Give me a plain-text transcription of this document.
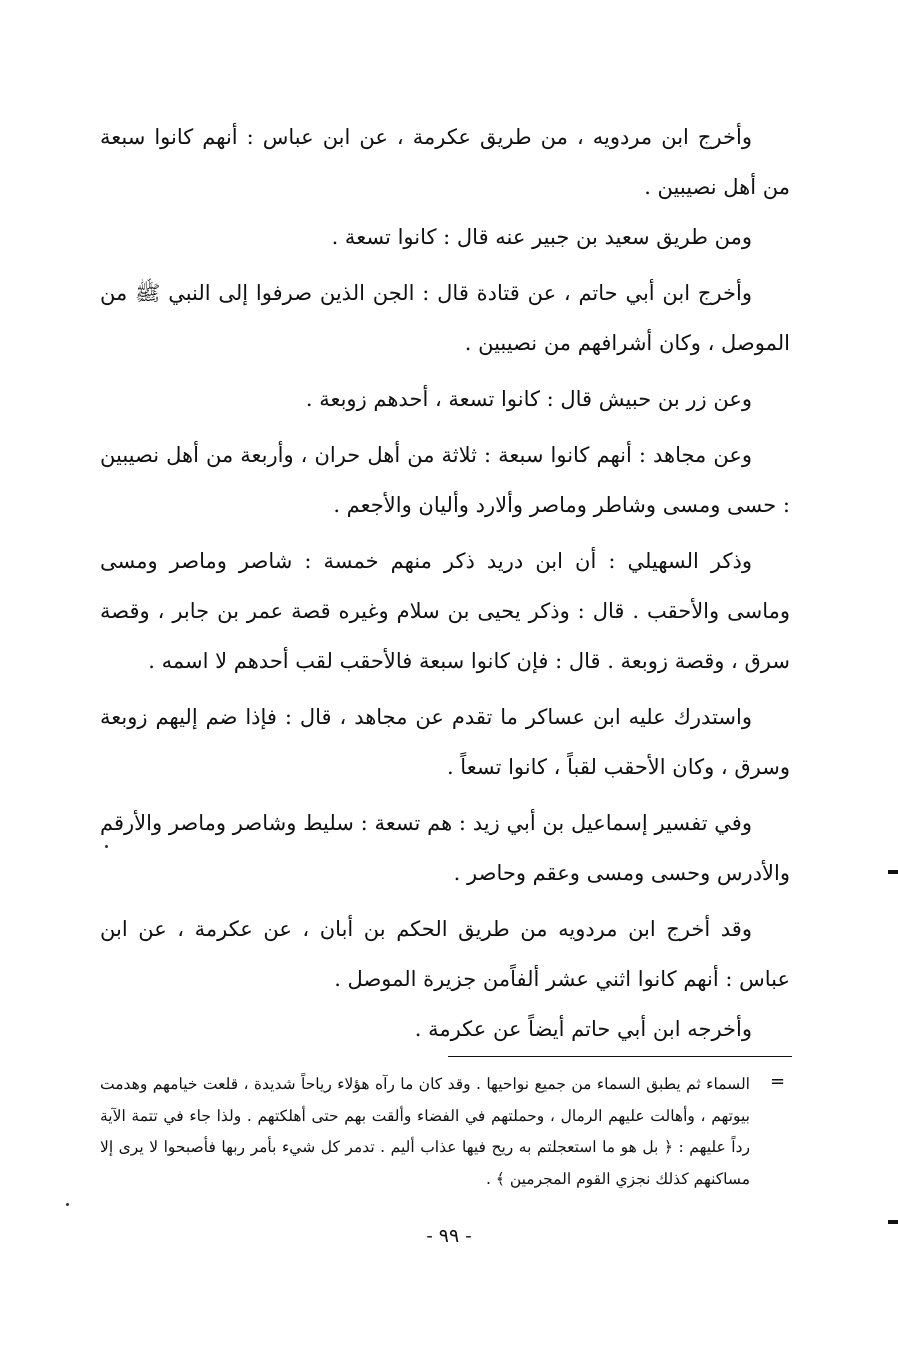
وأخرج ابن مردويه ، من طريق عكرمة ، عن ابن عباس : أنهم كانوا سبعة من أهل نصيبين .

ومن طريق سعيد بن جبير عنه قال : كانوا تسعة .

وأخرج ابن أبي حاتم ، عن قتادة قال : الجن الذين صرفوا إلى النبي ﷺ من الموصل ، وكان أشرافهم من نصيبين .

وعن زر بن حبيش قال : كانوا تسعة ، أحدهم زوبعة .

وعن مجاهد : أنهم كانوا سبعة : ثلاثة من أهل حران ، وأربعة من أهل نصيبين : حسى ومسى وشاطر وماصر وألارد وأليان والأجعم .

وذكر السهيلي : أن ابن دريد ذكر منهم خمسة : شاصر وماصر ومسى وماسى والأحقب . قال : وذكر يحيى بن سلام وغيره قصة عمر بن جابر ، وقصة سرق ، وقصة زوبعة . قال : فإن كانوا سبعة فالأحقب لقب أحدهم لا اسمه .

واستدرك عليه ابن عساكر ما تقدم عن مجاهد ، قال : فإذا ضم إليهم زوبعة وسرق ، وكان الأحقب لقباً ، كانوا تسعاً .

وفي تفسير إسماعيل بن أبي زيد : هم تسعة : سليط وشاصر وماصر والأرقم والأدرس وحسى ومسى وعقم وحاصر .

وقد أخرج ابن مردويه من طريق الحكم بن أبان ، عن عكرمة ، عن ابن عباس : أنهم كانوا اثني عشر ألفاًمن جزيرة الموصل .

وأخرجه ابن أبي حاتم أيضاً عن عكرمة .

=
السماء ثم يطبق السماء من جميع نواحيها . وقد كان ما رآه هؤلاء رياحاً شديدة ، قلعت خيامهم وهدمت بيوتهم ، وأهالت عليهم الرمال ، وحملتهم في الفضاء وألقت بهم حتى أهلكتهم . ولذا جاء في تتمة الآية رداً عليهم : ﴿ بل هو ما استعجلتم به ريح فيها عذاب أليم . تدمر كل شيء بأمر ربها فأصبحوا لا يرى إلا مساكنهم كذلك نجزي القوم المجرمين ﴾ .
- ٩٩ -
